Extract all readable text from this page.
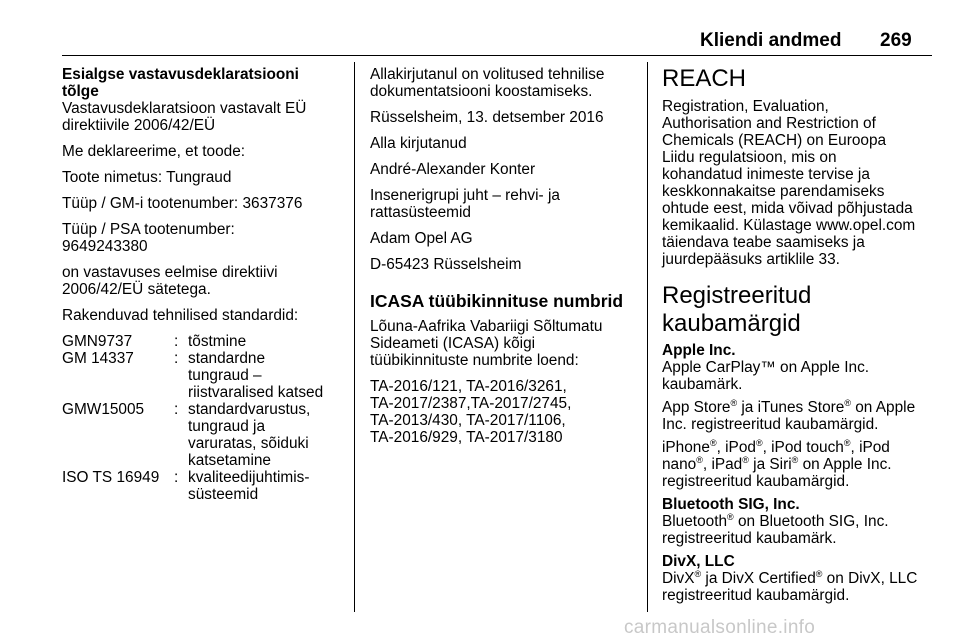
Kliendi andmed 269

Esialgse vastavusdeklaratsiooni
tõlge

Vastavusdeklaratsioon vastavalt EÜ
direktiivile 2006/42/EÜ

Me deklareerime, et toode:

Toote nimetus: Tungraud

Tüüp / GM-i tootenumber: 3637376

Tüüp / PSA tootenumber:
9649243380

on vastavuses eelmise direktiivi
2006/42/EÜ sätetega.

Rakenduvad tehnilised standardid:

GMN9737	:	tõstmine
GM 14337	:	standardne
tungraud –
riistvaralised katsed
GMW15005	:	standardvarustus,
tungraud ja
varuratas, sõiduki
katsetamine
ISO TS 16949	:	kvaliteedijuhtimis-
süsteemid

Allakirjutanul on volitused tehnilise
dokumentatsiooni koostamiseks.

Rüsselsheim, 13. detsember 2016

Alla kirjutanud

André-Alexander Konter

Insenerigrupi juht – rehvi- ja
rattasüsteemid

Adam Opel AG

D-65423 Rüsselsheim

ICASA tüübikinnituse numbrid

Lõuna-Aafrika Vabariigi Sõltumatu
Sideameti (ICASA) kõigi
tüübikinnituste numbrite loend:

TA-2016/121, TA-2016/3261,
TA-2017/2387,TA-2017/2745,
TA-2013/430, TA-2017/1106,
TA-2016/929, TA-2017/3180

REACH

Registration, Evaluation,
Authorisation and Restriction of
Chemicals (REACH) on Euroopa
Liidu regulatsioon, mis on
kohandatud inimeste tervise ja
keskkonnakaitse parendamiseks
ohtude eest, mida võivad põhjustada
kemikaalid. Külastage www.opel.com
täiendava teabe saamiseks ja
juurdepääsuks artiklile 33.

Registreeritud kaubamärgid

Apple Inc.

Apple CarPlay™ on Apple Inc.
kaubamärk.

App Store® ja iTunes Store® on Apple
Inc. registreeritud kaubamärgid.

iPhone®, iPod®, iPod touch®, iPod
nano®, iPad® ja Siri® on Apple Inc.
registreeritud kaubamärgid.

Bluetooth SIG, Inc.

Bluetooth® on Bluetooth SIG, Inc.
registreeritud kaubamärk.

DivX, LLC

DivX® ja DivX Certified® on DivX, LLC
registreeritud kaubamärgid.

carmanualsonline.info
